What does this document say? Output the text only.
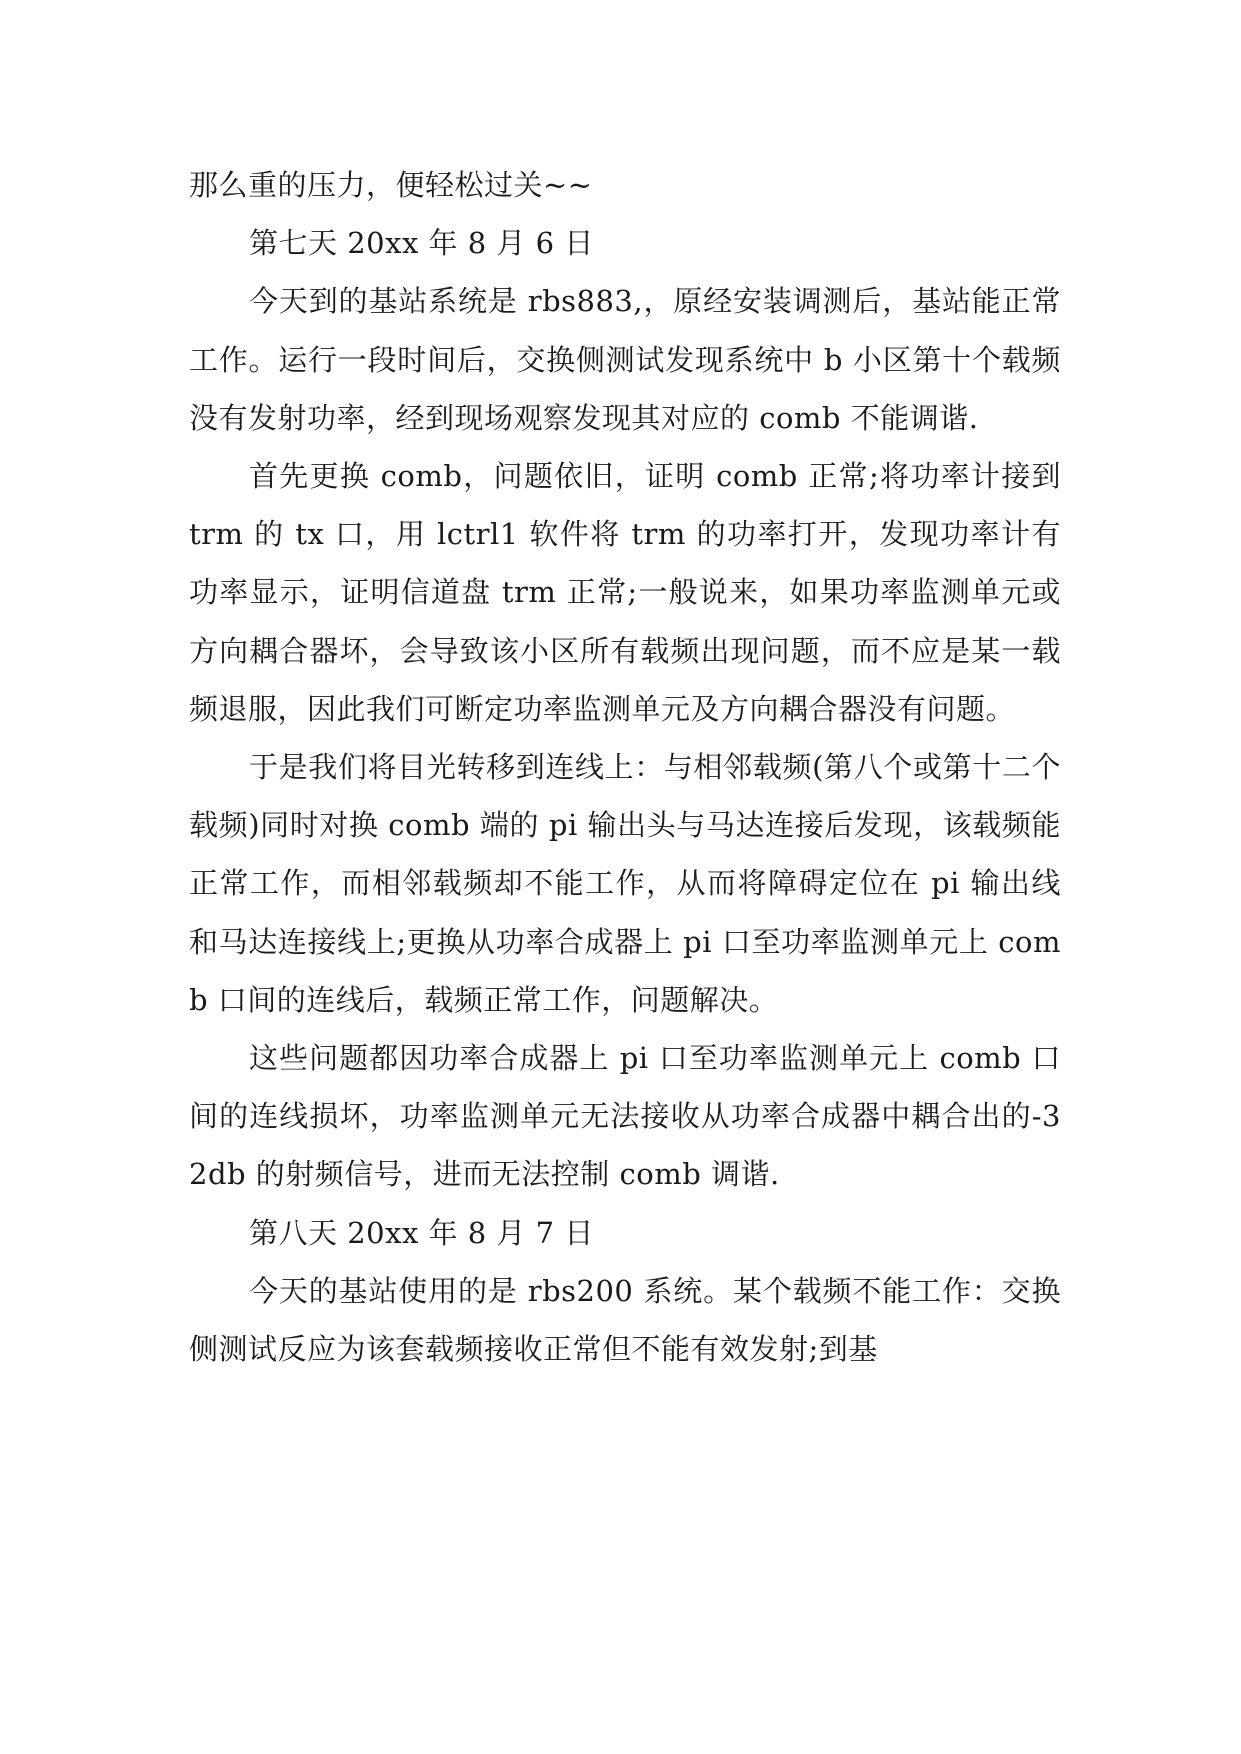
那么重的压力，便轻松过关~~

第七天 20xx 年 8 月 6 日

今天到的基站系统是 rbs883,，原经安装调测后，基站能正常工作。运行一段时间后，交换侧测试发现系统中 b 小区第十个载频没有发射功率，经到现场观察发现其对应的 comb 不能调谐.

首先更换 comb，问题依旧，证明 comb 正常;将功率计接到 trm 的 tx 口，用 lctrl1 软件将 trm 的功率打开，发现功率计有功率显示，证明信道盘 trm 正常;一般说来，如果功率监测单元或方向耦合器坏，会导致该小区所有载频出现问题，而不应是某一载频退服，因此我们可断定功率监测单元及方向耦合器没有问题。

于是我们将目光转移到连线上：与相邻载频(第八个或第十二个载频)同时对换 comb 端的 pi 输出头与马达连接后发现，该载频能正常工作，而相邻载频却不能工作，从而将障碍定位在 pi 输出线和马达连接线上;更换从功率合成器上 pi 口至功率监测单元上 comb 口间的连线后，载频正常工作，问题解决。

这些问题都因功率合成器上 pi 口至功率监测单元上 comb 口间的连线损坏，功率监测单元无法接收从功率合成器中耦合出的-32db 的射频信号，进而无法控制 comb 调谐.

第八天 20xx 年 8 月 7 日

今天的基站使用的是 rbs200 系统。某个载频不能工作：交换侧测试反应为该套载频接收正常但不能有效发射;到基
